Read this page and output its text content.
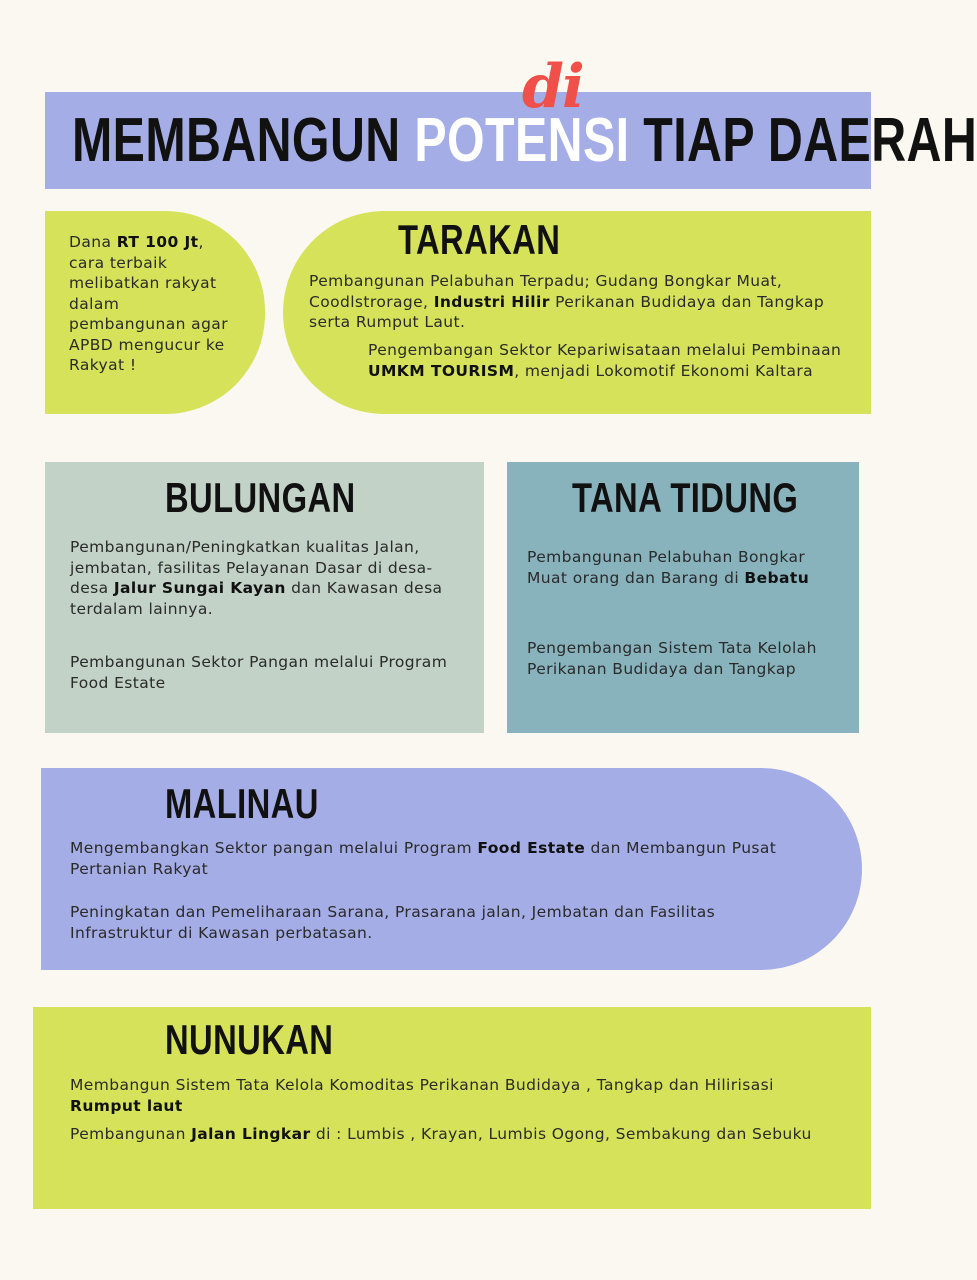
MEMBANGUN POTENSI TIAP DAERAH
di
Dana RT 100 Jt, cara terbaik melibatkan rakyat dalam pembangunan agar APBD mengucur ke Rakyat !
TARAKAN
Pembangunan Pelabuhan Terpadu; Gudang Bongkar Muat, Coodlstrorage, Industri Hilir Perikanan Budidaya dan Tangkap serta Rumput Laut.
Pengembangan Sektor Kepariwisataan melalui Pembinaan UMKM TOURISM, menjadi Lokomotif Ekonomi Kaltara
BULUNGAN
Pembangunan/Peningkatkan kualitas Jalan, jembatan, fasilitas Pelayanan Dasar di desa-desa Jalur Sungai Kayan dan Kawasan desa terdalam lainnya.
Pembangunan Sektor Pangan melalui Program Food Estate
TANA TIDUNG
Pembangunan Pelabuhan Bongkar Muat orang dan Barang di Bebatu
Pengembangan Sistem Tata Kelolah Perikanan Budidaya dan Tangkap
MALINAU
Mengembangkan Sektor pangan melalui Program Food Estate dan Membangun Pusat Pertanian Rakyat
Peningkatan dan Pemeliharaan Sarana, Prasarana jalan, Jembatan dan Fasilitas Infrastruktur di Kawasan perbatasan.
NUNUKAN
Membangun Sistem Tata Kelola Komoditas Perikanan Budidaya , Tangkap dan Hilirisasi Rumput laut
Pembangunan Jalan Lingkar di : Lumbis , Krayan, Lumbis Ogong, Sembakung dan Sebuku
